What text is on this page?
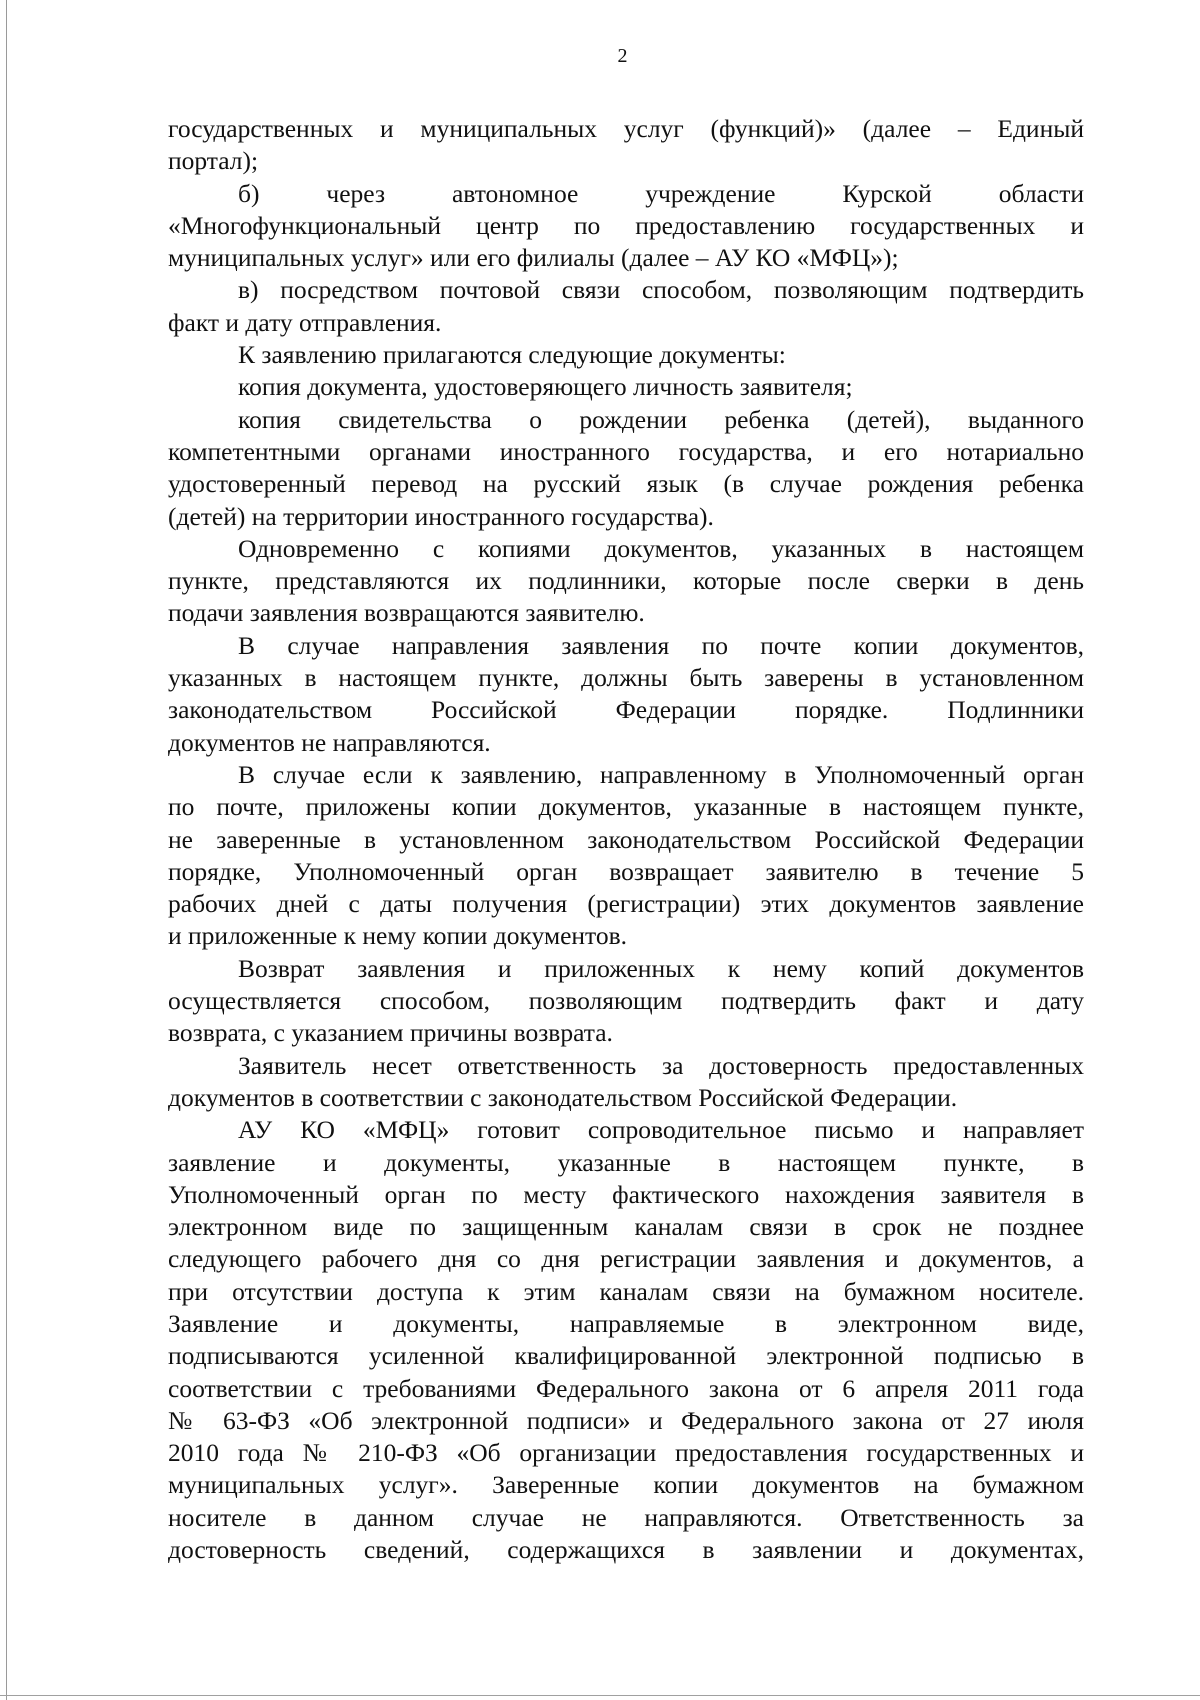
2
государственных и муниципальных услуг (функций)» (далее – Единый
портал);
б) через автономное учреждение Курской области
«Многофункциональный центр по предоставлению государственных и
муниципальных услуг» или его филиалы (далее – АУ КО «МФЦ»);
в) посредством почтовой связи способом, позволяющим подтвердить
факт и дату отправления.
К заявлению прилагаются следующие документы:
копия документа, удостоверяющего личность заявителя;
копия свидетельства о рождении ребенка (детей), выданного
компетентными органами иностранного государства, и его нотариально
удостоверенный перевод на русский язык (в случае рождения ребенка
(детей) на территории иностранного государства).
Одновременно с копиями документов, указанных в настоящем
пункте, представляются их подлинники, которые после сверки в день
подачи заявления возвращаются заявителю.
В случае направления заявления по почте копии документов,
указанных в настоящем пункте, должны быть заверены в установленном
законодательством Российской Федерации порядке. Подлинники
документов не направляются.
В случае если к заявлению, направленному в Уполномоченный орган
по почте, приложены копии документов, указанные в настоящем пункте,
не заверенные в установленном законодательством Российской Федерации
порядке, Уполномоченный орган возвращает заявителю в течение 5
рабочих дней с даты получения (регистрации) этих документов заявление
и приложенные к нему копии документов.
Возврат заявления и приложенных к нему копий документов
осуществляется способом, позволяющим подтвердить факт и дату
возврата, с указанием причины возврата.
Заявитель несет ответственность за достоверность предоставленных
документов в соответствии с законодательством Российской Федерации.
АУ КО «МФЦ» готовит сопроводительное письмо и направляет
заявление и документы, указанные в настоящем пункте, в
Уполномоченный орган по месту фактического нахождения заявителя в
электронном виде по защищенным каналам связи в срок не позднее
следующего рабочего дня со дня регистрации заявления и документов, а
при отсутствии доступа к этим каналам связи на бумажном носителе.
Заявление и документы, направляемые в электронном виде,
подписываются усиленной квалифицированной электронной подписью в
соответствии с требованиями Федерального закона от 6 апреля 2011 года
№ 63-ФЗ «Об электронной подписи» и Федерального закона от 27 июля
2010 года № 210-ФЗ «Об организации предоставления государственных и
муниципальных услуг». Заверенные копии документов на бумажном
носителе в данном случае не направляются. Ответственность за
достоверность сведений, содержащихся в заявлении и документах,
